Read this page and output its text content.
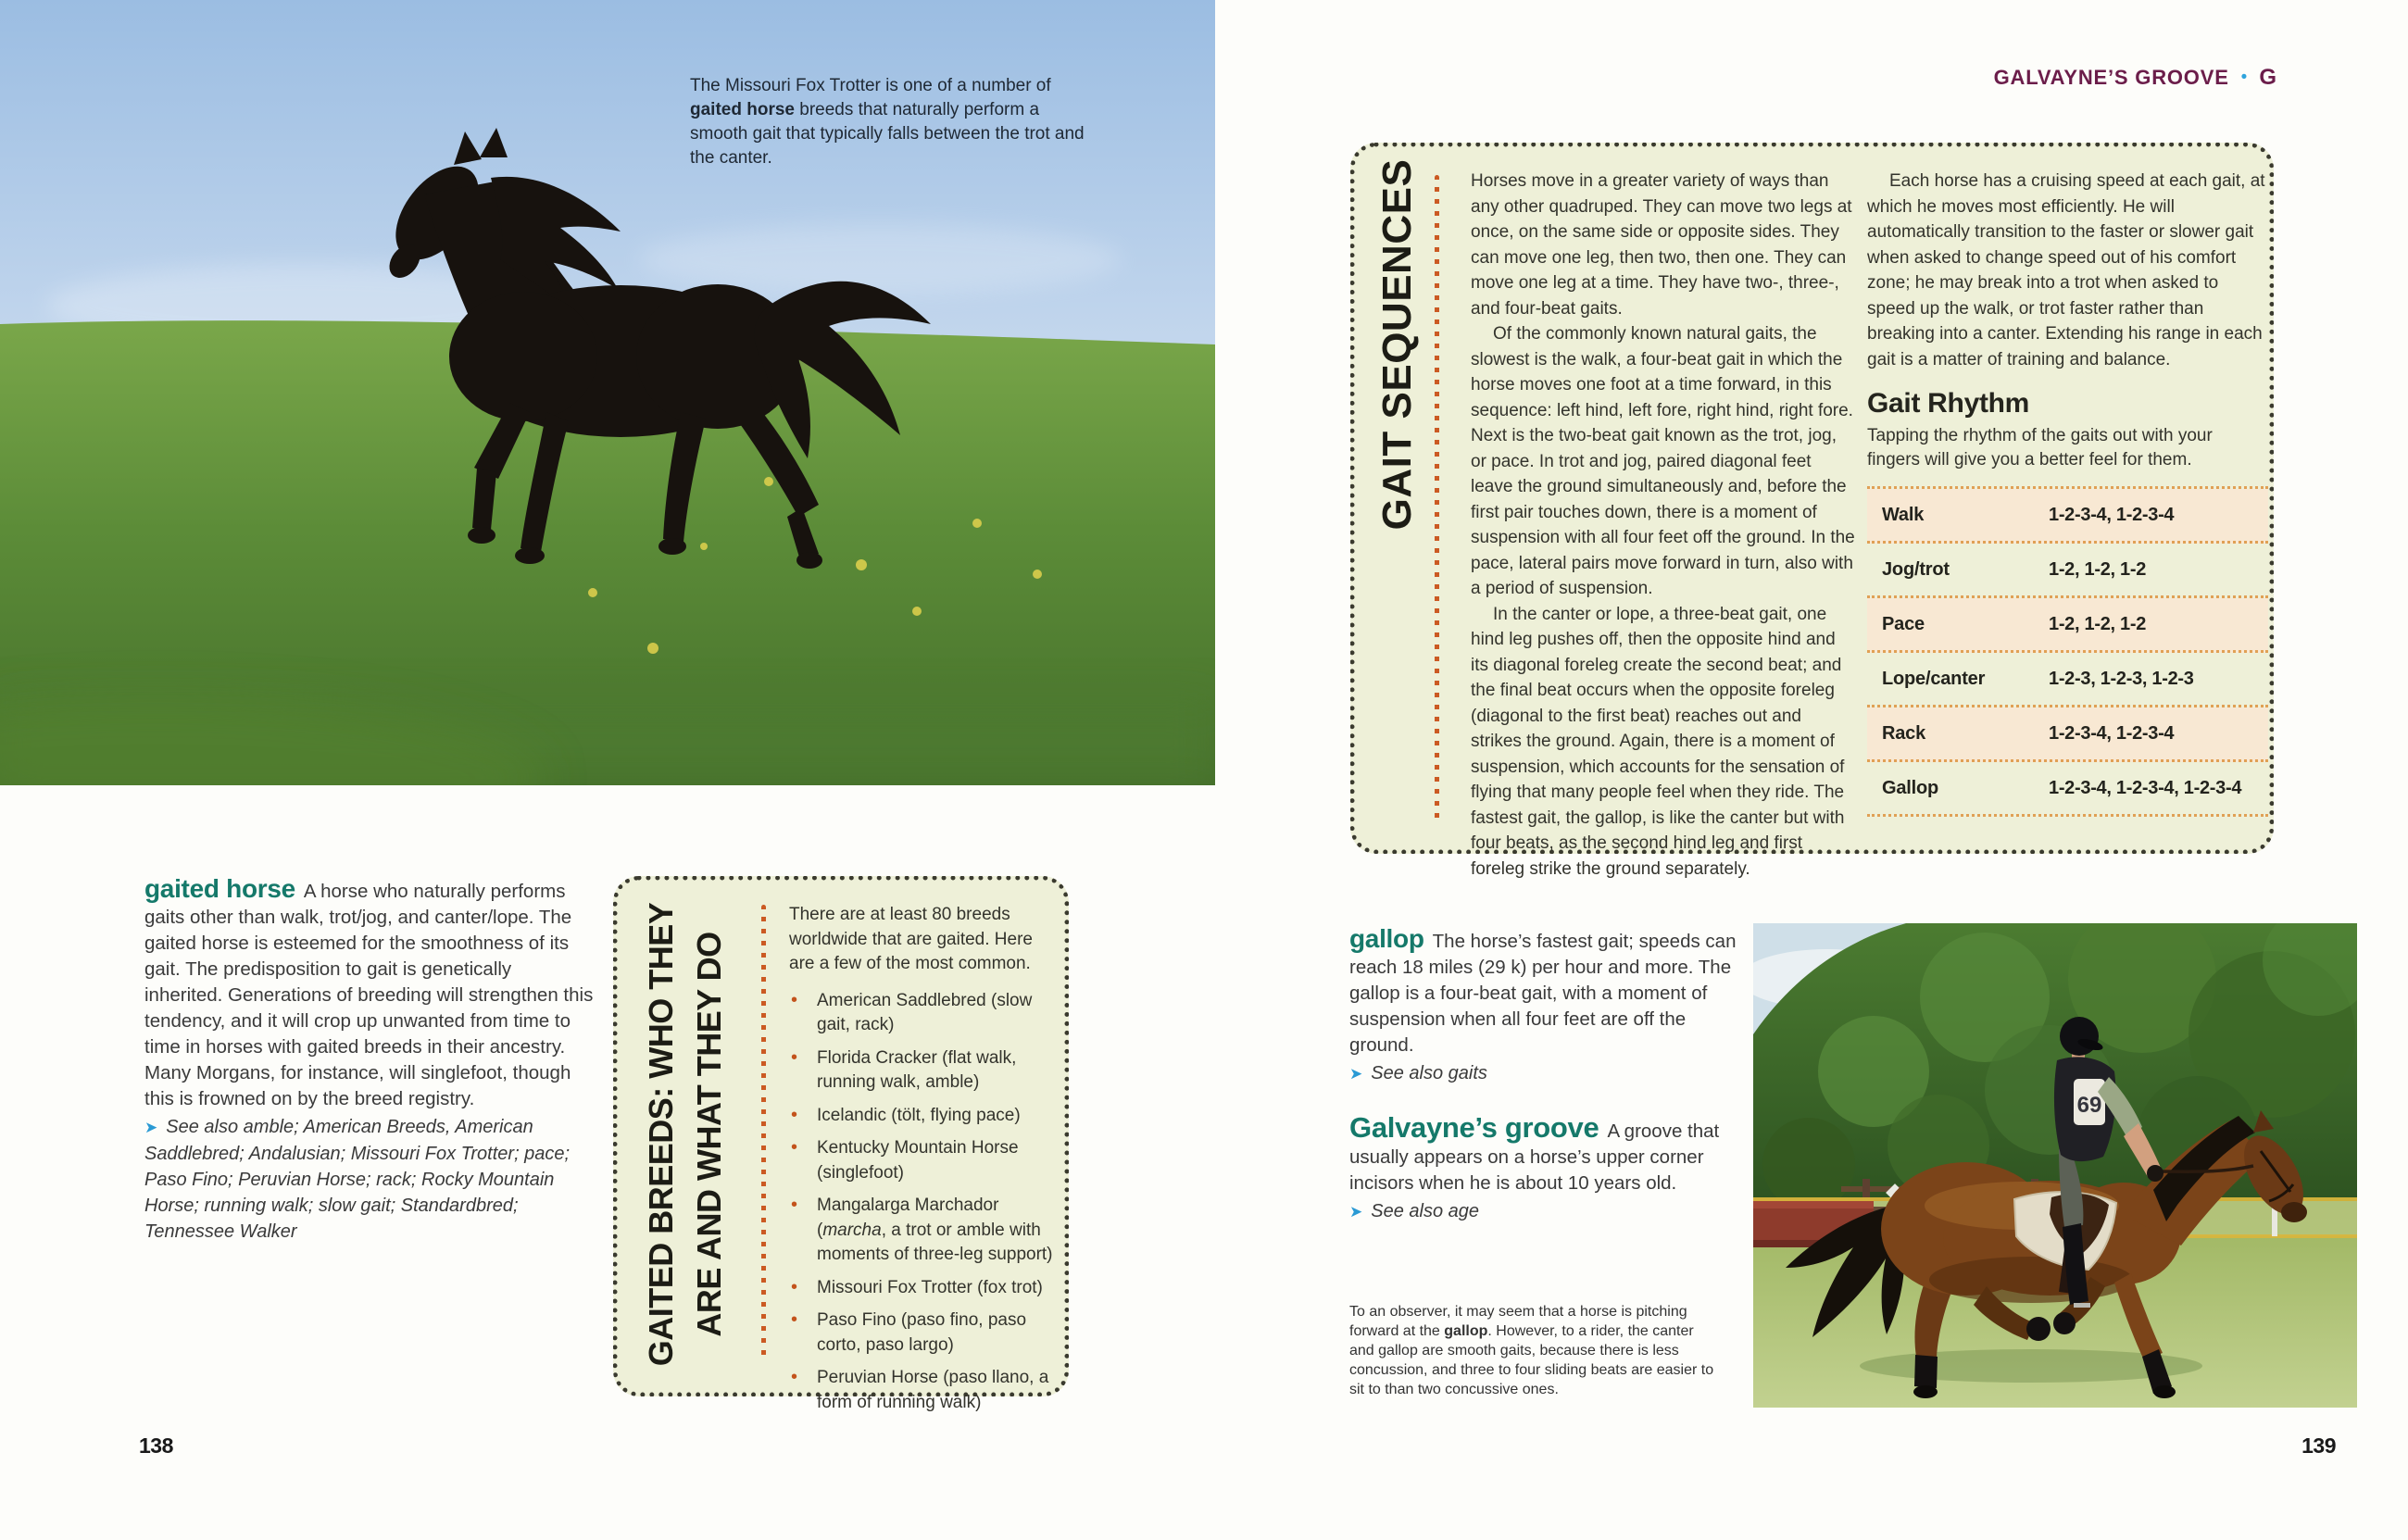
The Missouri Fox Trotter is one of a number of gaited horse breeds that naturally perform a smooth gait that typically falls between the trot and the canter.

gaited horse A horse who naturally performs gaits other than walk, trot/jog, and canter/lope. The gaited horse is esteemed for the smoothness of its gait. The predisposition to gait is genetically inherited. Generations of breeding will strengthen this tendency, and it will crop up unwanted from time to time in horses with gaited breeds in their ancestry. Many Morgans, for instance, will singlefoot, though this is frowned on by the breed registry.

➤ See also amble; American Breeds, American Saddlebred; Andalusian; Missouri Fox Trotter; pace; Paso Fino; Peruvian Horse; rack; Rocky Mountain Horse; running walk; slow gait; Standardbred; Tennessee Walker	GAITED BREEDS: WHO THEY ARE AND WHAT THEY DO

There are at least 80 breeds worldwide that are gaited. Here are a few of the most common.

• American Saddlebred (slow gait, rack)
• Florida Cracker (flat walk, running walk, amble)
• Icelandic (tölt, flying pace)
• Kentucky Mountain Horse (singlefoot)
• Mangalarga Marchador (marcha, a trot or amble with moments of three-leg support)
• Missouri Fox Trotter (fox trot)
• Paso Fino (paso fino, paso corto, paso largo)
• Peruvian Horse (paso llano, a form of running walk)
138
GALVAYNE’S GROOVE • G
GAIT SEQUENCES	Horses move in a greater variety of ways than any other quadruped. They can move two legs at once, on the same side or opposite sides. They can move one leg, then two, then one. They can move one leg at a time. They have two-, three-, and four-beat gaits.

Of the commonly known natural gaits, the slowest is the walk, a four-beat gait in which the horse moves one foot at a time forward, in this sequence: left hind, left fore, right hind, right fore. Next is the two-beat gait known as the trot, jog, or pace. In trot and jog, paired diagonal feet leave the ground simultaneously and, before the first pair touches down, there is a moment of suspension with all four feet off the ground. In the pace, lateral pairs move forward in turn, also with a period of suspension.

In the canter or lope, a three-beat gait, one hind leg pushes off, then the opposite hind and its diagonal foreleg create the second beat; and the final beat occurs when the opposite foreleg (diagonal to the first beat) reaches out and strikes the ground. Again, there is a moment of suspension, which accounts for the sensation of flying that many people feel when they ride. The fastest gait, the gallop, is like the canter but with four beats, as the second hind leg and first foreleg strike the ground separately.

Each horse has a cruising speed at each gait, at which he moves most efficiently. He will automatically transition to the faster or slower gait when asked to change speed out of his comfort zone; he may break into a trot when asked to speed up the walk, or trot faster rather than breaking into a canter. Extending his range in each gait is a matter of training and balance.

Gait Rhythm

Tapping the rhythm of the gaits out with your fingers will give you a better feel for them.

Walk	1-2-3-4, 1-2-3-4
Jog/trot	1-2, 1-2, 1-2
Pace	1-2, 1-2, 1-2
Lope/canter	1-2-3, 1-2-3, 1-2-3
Rack	1-2-3-4, 1-2-3-4
Gallop	1-2-3-4, 1-2-3-4, 1-2-3-4

gallop The horse’s fastest gait; speeds can reach 18 miles (29 k) per hour and more. The gallop is a four-beat gait, with a moment of suspension when all four feet are off the ground.

➤ See also gaits

Galvayne’s groove A groove that usually appears on a horse’s upper corner incisors when he is about 10 years old.

➤ See also age

To an observer, it may seem that a horse is pitching forward at the gallop. However, to a rider, the canter and gallop are smooth gaits, because there is less concussion, and three to four sliding beats are easier to sit to than two concussive ones.
69
139
